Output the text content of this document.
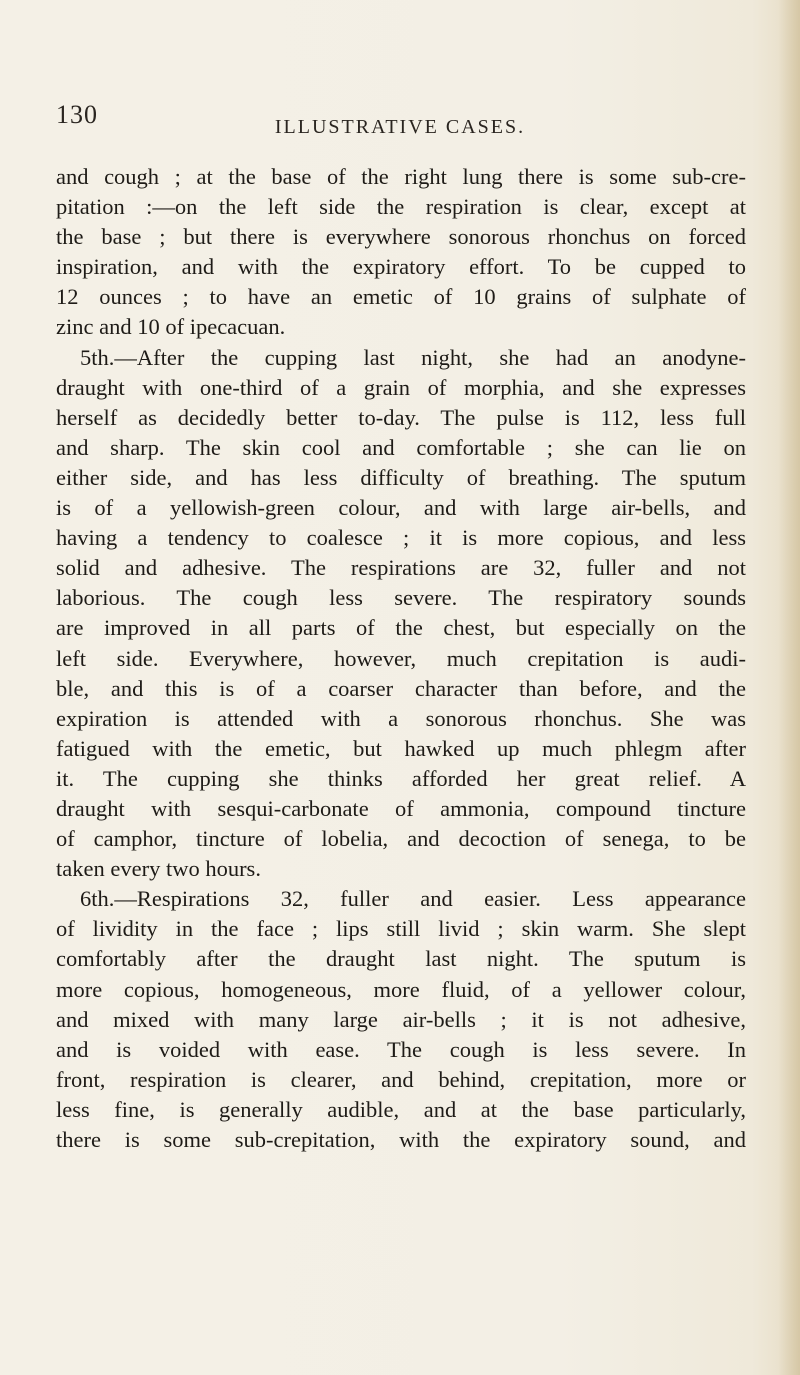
130	ILLUSTRATIVE CASES.
and cough ; at the base of the right lung there is some sub-cre-
pitation :—on the left side the respiration is clear, except at
the base ; but there is everywhere sonorous rhonchus on forced
inspiration, and with the expiratory effort. To be cupped to
12 ounces ; to have an emetic of 10 grains of sulphate of
zinc and 10 of ipecacuan.
5th.—After the cupping last night, she had an anodyne-
draught with one-third of a grain of morphia, and she expresses
herself as decidedly better to-day. The pulse is 112, less full
and sharp. The skin cool and comfortable ; she can lie on
either side, and has less difficulty of breathing. The sputum
is of a yellowish-green colour, and with large air-bells, and
having a tendency to coalesce ; it is more copious, and less
solid and adhesive. The respirations are 32, fuller and not
laborious. The cough less severe. The respiratory sounds
are improved in all parts of the chest, but especially on the
left side. Everywhere, however, much crepitation is audi-
ble, and this is of a coarser character than before, and the
expiration is attended with a sonorous rhonchus. She was
fatigued with the emetic, but hawked up much phlegm after
it. The cupping she thinks afforded her great relief. A
draught with sesqui-carbonate of ammonia, compound tincture
of camphor, tincture of lobelia, and decoction of senega, to be
taken every two hours.
6th.—Respirations 32, fuller and easier. Less appearance
of lividity in the face ; lips still livid ; skin warm. She slept
comfortably after the draught last night. The sputum is
more copious, homogeneous, more fluid, of a yellower colour,
and mixed with many large air-bells ; it is not adhesive,
and is voided with ease. The cough is less severe. In
front, respiration is clearer, and behind, crepitation, more or
less fine, is generally audible, and at the base particularly,
there is some sub-crepitation, with the expiratory sound, and
